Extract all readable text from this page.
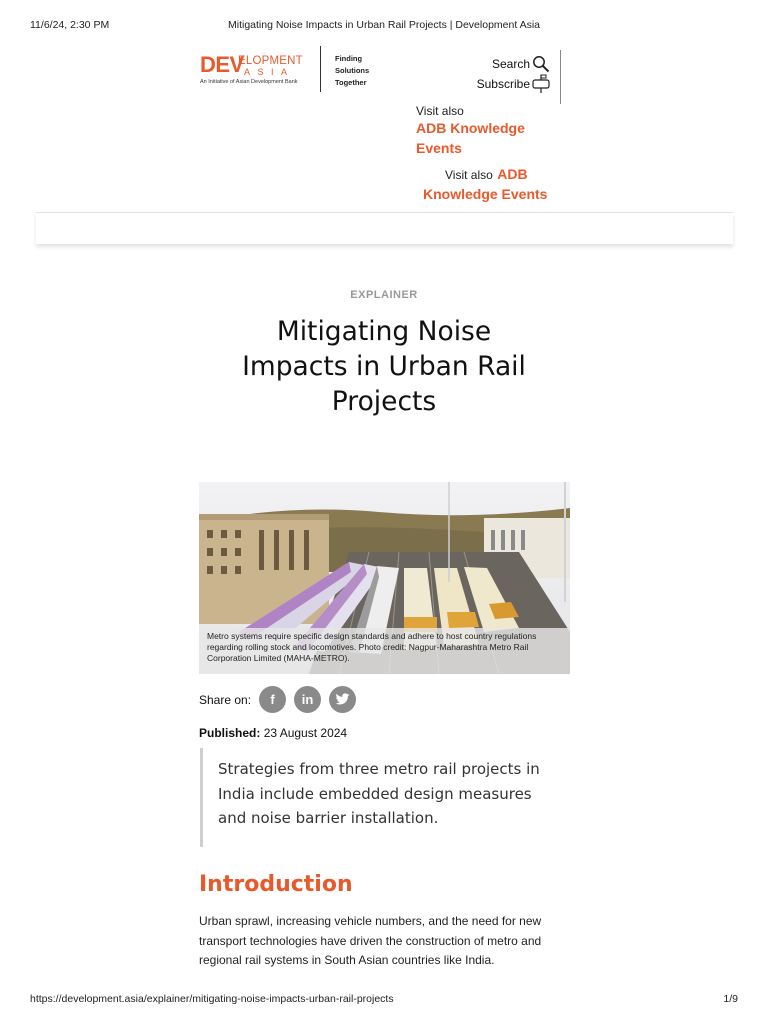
11/6/24, 2:30 PM	Mitigating Noise Impacts in Urban Rail Projects | Development Asia
DEV
ELOPMENT
ASIA
An Initiative of Asian Development Bank
Finding
Solutions
Together
Search
Subscribe
Visit also
ADB Knowledge
Events
Visit also ADB
Knowledge Events
EXPLAINER
Mitigating Noise
Impacts in Urban Rail
Projects
Metro systems require specific design standards and adhere to host country regulations regarding rolling stock and locomotives. Photo credit: Nagpur-Maharashtra Metro Rail Corporation Limited (MAHA-METRO).
Share on:	f	in
Published: 23 August 2024
Strategies from three metro rail projects in India include embedded design measures and noise barrier installation.
Introduction

Urban sprawl, increasing vehicle numbers, and the need for new transport technologies have driven the construction of metro and regional rail systems in South Asian countries like India.

https://development.asia/explainer/mitigating-noise-impacts-urban-rail-projects	1/9
